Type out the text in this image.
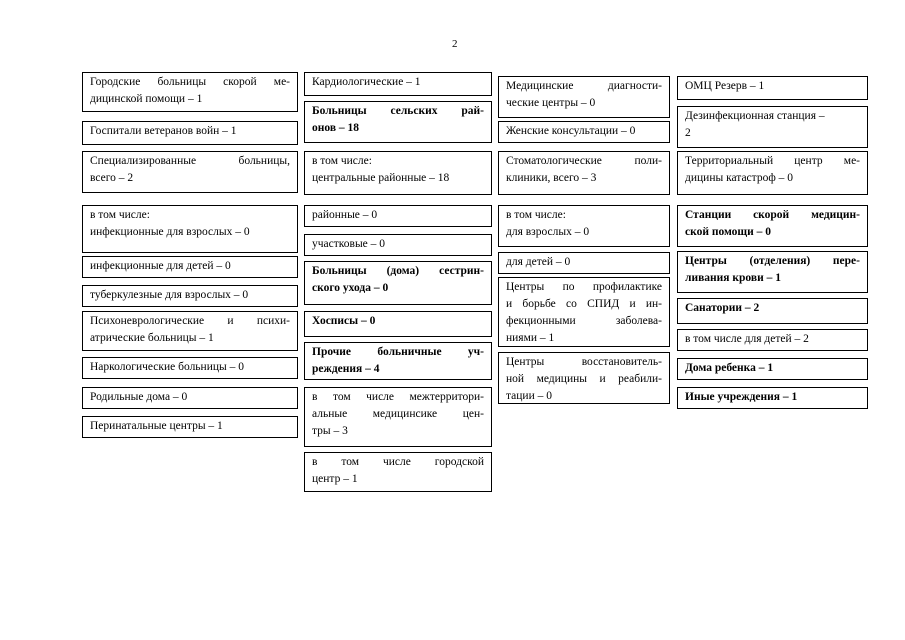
2
Городские больницы скорой ме-
дицинской помощи – 1
Госпитали ветеранов войн – 1
Специализированные больницы,
всего – 2
в том числе:
инфекционные для взрослых – 0
инфекционные для детей – 0
туберкулезные для взрослых – 0
Психоневрологические и психи-
атрические больницы – 1
Наркологические больницы – 0
Родильные дома – 0
Перинатальные центры – 1
Кардиологические – 1
Больницы сельских рай-
онов – 18
в том числе:
центральные районные – 18
районные – 0
участковые – 0
Больницы (дома) сестрин-
ского ухода – 0
Хосписы – 0
Прочие больничные уч-
реждения – 4
в том числе межтерритори-
альные медицинсике цен-
тры – 3
в том числе городской
центр – 1
Медицинские диагности-
ческие центры – 0
Женские консультации – 0
Стоматологические поли-
клиники, всего – 3
в том числе:
для взрослых – 0
для детей – 0
Центры по профилактике
и борьбе со СПИД и ин-
фекционными заболева-
ниями – 1
Центры восстановитель-
ной медицины и реабили-
тации – 0
ОМЦ Резерв – 1
Дезинфекционная станция –
2
Территориальный центр ме-
дицины катастроф – 0
Станции скорой медицин-
ской помощи – 0
Центры (отделения) пере-
ливания крови – 1
Санатории – 2
в том числе для детей – 2
Дома ребенка – 1
Иные учреждения – 1
